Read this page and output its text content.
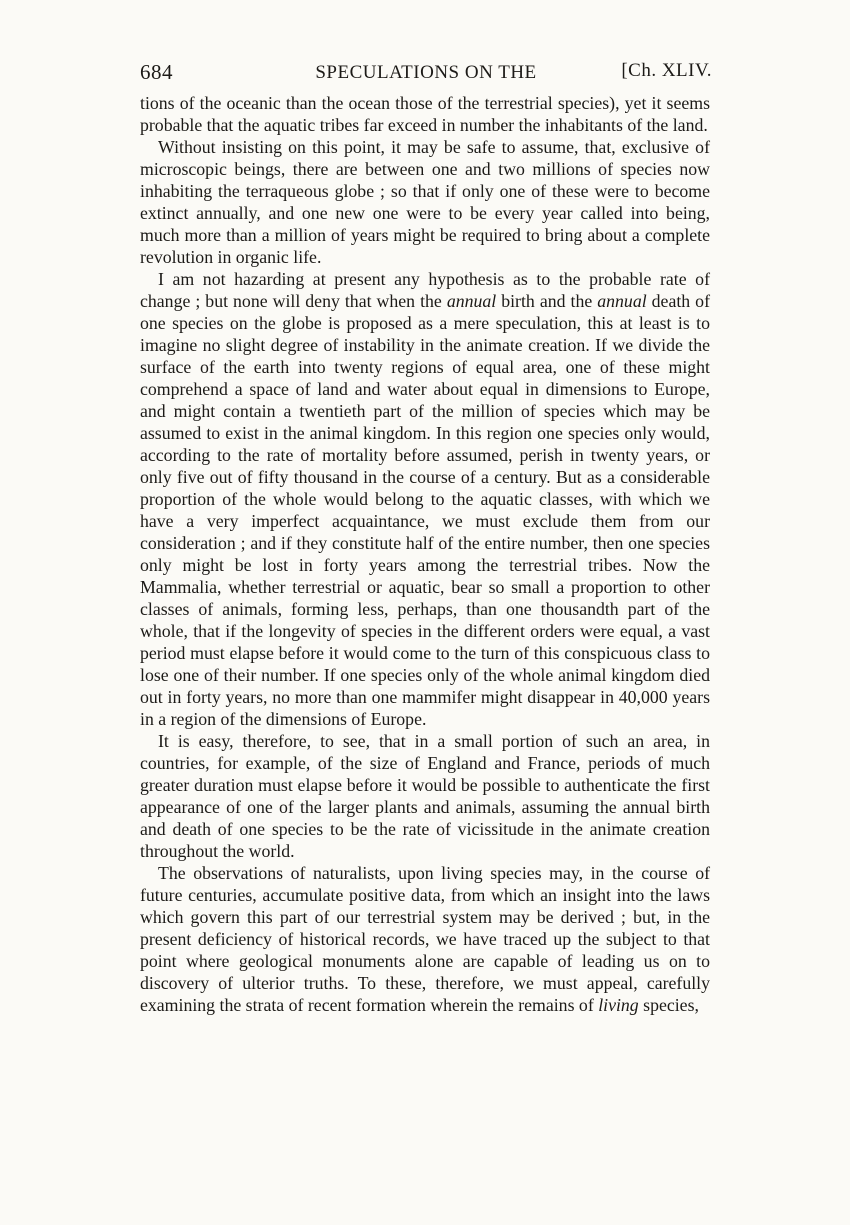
684	SPECULATIONS ON THE	[Ch. XLIV.

tions of the oceanic than the ocean those of the terrestrial species), yet it seems probable that the aquatic tribes far exceed in number the inhabitants of the land.

Without insisting on this point, it may be safe to assume, that, exclusive of microscopic beings, there are between one and two millions of species now inhabiting the terraqueous globe ; so that if only one of these were to become extinct annually, and one new one were to be every year called into being, much more than a million of years might be required to bring about a complete revolution in organic life.

I am not hazarding at present any hypothesis as to the probable rate of change ; but none will deny that when the annual birth and the annual death of one species on the globe is proposed as a mere speculation, this at least is to imagine no slight degree of instability in the animate creation. If we divide the surface of the earth into twenty regions of equal area, one of these might comprehend a space of land and water about equal in dimensions to Europe, and might contain a twentieth part of the million of species which may be assumed to exist in the animal kingdom. In this region one species only would, according to the rate of mortality before assumed, perish in twenty years, or only five out of fifty thousand in the course of a century. But as a considerable proportion of the whole would belong to the aquatic classes, with which we have a very imperfect acquaintance, we must exclude them from our consideration ; and if they constitute half of the entire number, then one species only might be lost in forty years among the terrestrial tribes. Now the Mammalia, whether terrestrial or aquatic, bear so small a proportion to other classes of animals, forming less, perhaps, than one thousandth part of the whole, that if the longevity of species in the different orders were equal, a vast period must elapse before it would come to the turn of this conspicuous class to lose one of their number. If one species only of the whole animal kingdom died out in forty years, no more than one mammifer might disappear in 40,000 years in a region of the dimensions of Europe.

It is easy, therefore, to see, that in a small portion of such an area, in countries, for example, of the size of England and France, periods of much greater duration must elapse before it would be possible to authenticate the first appearance of one of the larger plants and animals, assuming the annual birth and death of one species to be the rate of vicissitude in the animate creation throughout the world.

The observations of naturalists, upon living species may, in the course of future centuries, accumulate positive data, from which an insight into the laws which govern this part of our terrestrial system may be derived ; but, in the present deficiency of historical records, we have traced up the subject to that point where geological monuments alone are capable of leading us on to discovery of ulterior truths. To these, therefore, we must appeal, carefully examining the strata of recent formation wherein the remains of living species,
